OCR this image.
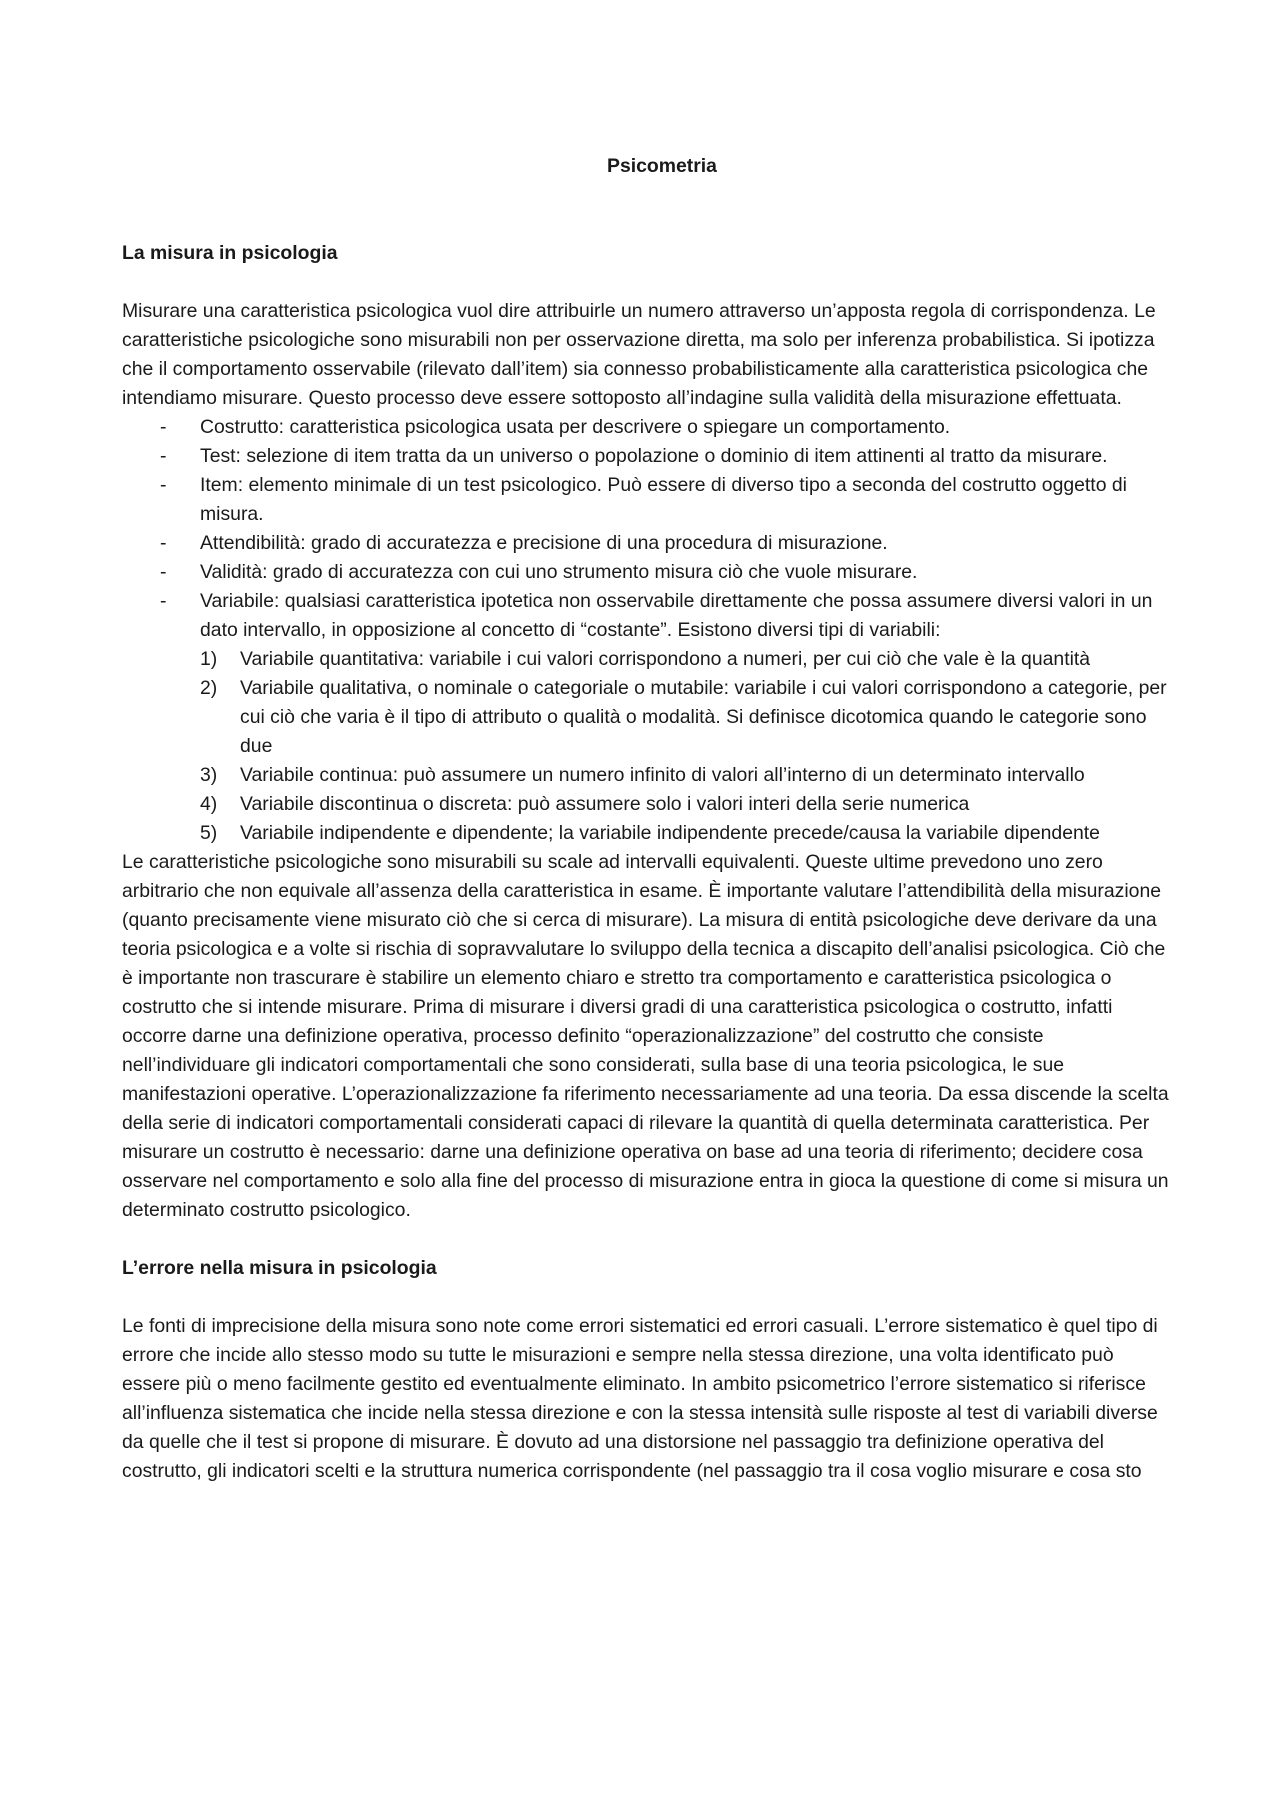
Psicometria

La misura in psicologia

Misurare una caratteristica psicologica vuol dire attribuirle un numero attraverso un’apposta regola di corrispondenza. Le caratteristiche psicologiche sono misurabili non per osservazione diretta, ma solo per inferenza probabilistica. Si ipotizza che il comportamento osservabile (rilevato dall’item) sia connesso probabilisticamente alla caratteristica psicologica che intendiamo misurare. Questo processo deve essere sottoposto all’indagine sulla validità della misurazione effettuata.

- Costrutto: caratteristica psicologica usata per descrivere o spiegare un comportamento.
- Test: selezione di item tratta da un universo o popolazione o dominio di item attinenti al tratto da misurare.
- Item: elemento minimale di un test psicologico. Può essere di diverso tipo a seconda del costrutto oggetto di misura.
- Attendibilità: grado di accuratezza e precisione di una procedura di misurazione.
- Validità: grado di accuratezza con cui uno strumento misura ciò che vuole misurare.
- Variabile: qualsiasi caratteristica ipotetica non osservabile direttamente che possa assumere diversi valori in un dato intervallo, in opposizione al concetto di “costante”. Esistono diversi tipi di variabili:
1) Variabile quantitativa: variabile i cui valori corrispondono a numeri, per cui ciò che vale è la quantità
2) Variabile qualitativa, o nominale o categoriale o mutabile: variabile i cui valori corrispondono a categorie, per cui ciò che varia è il tipo di attributo o qualità o modalità. Si definisce dicotomica quando le categorie sono due
3) Variabile continua: può assumere un numero infinito di valori all’interno di un determinato intervallo
4) Variabile discontinua o discreta: può assumere solo i valori interi della serie numerica
5) Variabile indipendente e dipendente; la variabile indipendente precede/causa la variabile dipendente

Le caratteristiche psicologiche sono misurabili su scale ad intervalli equivalenti. Queste ultime prevedono uno zero arbitrario che non equivale all’assenza della caratteristica in esame. È importante valutare l’attendibilità della misurazione (quanto precisamente viene misurato ciò che si cerca di misurare). La misura di entità psicologiche deve derivare da una teoria psicologica e a volte si rischia di sopravvalutare lo sviluppo della tecnica a discapito dell’analisi psicologica. Ciò che è importante non trascurare è stabilire un elemento chiaro e stretto tra comportamento e caratteristica psicologica o costrutto che si intende misurare. Prima di misurare i diversi gradi di una caratteristica psicologica o costrutto, infatti occorre darne una definizione operativa, processo definito “operazionalizzazione” del costrutto che consiste nell’individuare gli indicatori comportamentali che sono considerati, sulla base di una teoria psicologica, le sue manifestazioni operative. L’operazionalizzazione fa riferimento necessariamente ad una teoria. Da essa discende la scelta della serie di indicatori comportamentali considerati capaci di rilevare la quantità di quella determinata caratteristica. Per misurare un costrutto è necessario: darne una definizione operativa on base ad una teoria di riferimento; decidere cosa osservare nel comportamento e solo alla fine del processo di misurazione entra in gioca la questione di come si misura un determinato costrutto psicologico.

L’errore nella misura in psicologia

Le fonti di imprecisione della misura sono note come errori sistematici ed errori casuali. L’errore sistematico è quel tipo di errore che incide allo stesso modo su tutte le misurazioni e sempre nella stessa direzione, una volta identificato può essere più o meno facilmente gestito ed eventualmente eliminato. In ambito psicometrico l’errore sistematico si riferisce all’influenza sistematica che incide nella stessa direzione e con la stessa intensità sulle risposte al test di variabili diverse da quelle che il test si propone di misurare. È dovuto ad una distorsione nel passaggio tra definizione operativa del costrutto, gli indicatori scelti e la struttura numerica corrispondente (nel passaggio tra il cosa voglio misurare e cosa sto
